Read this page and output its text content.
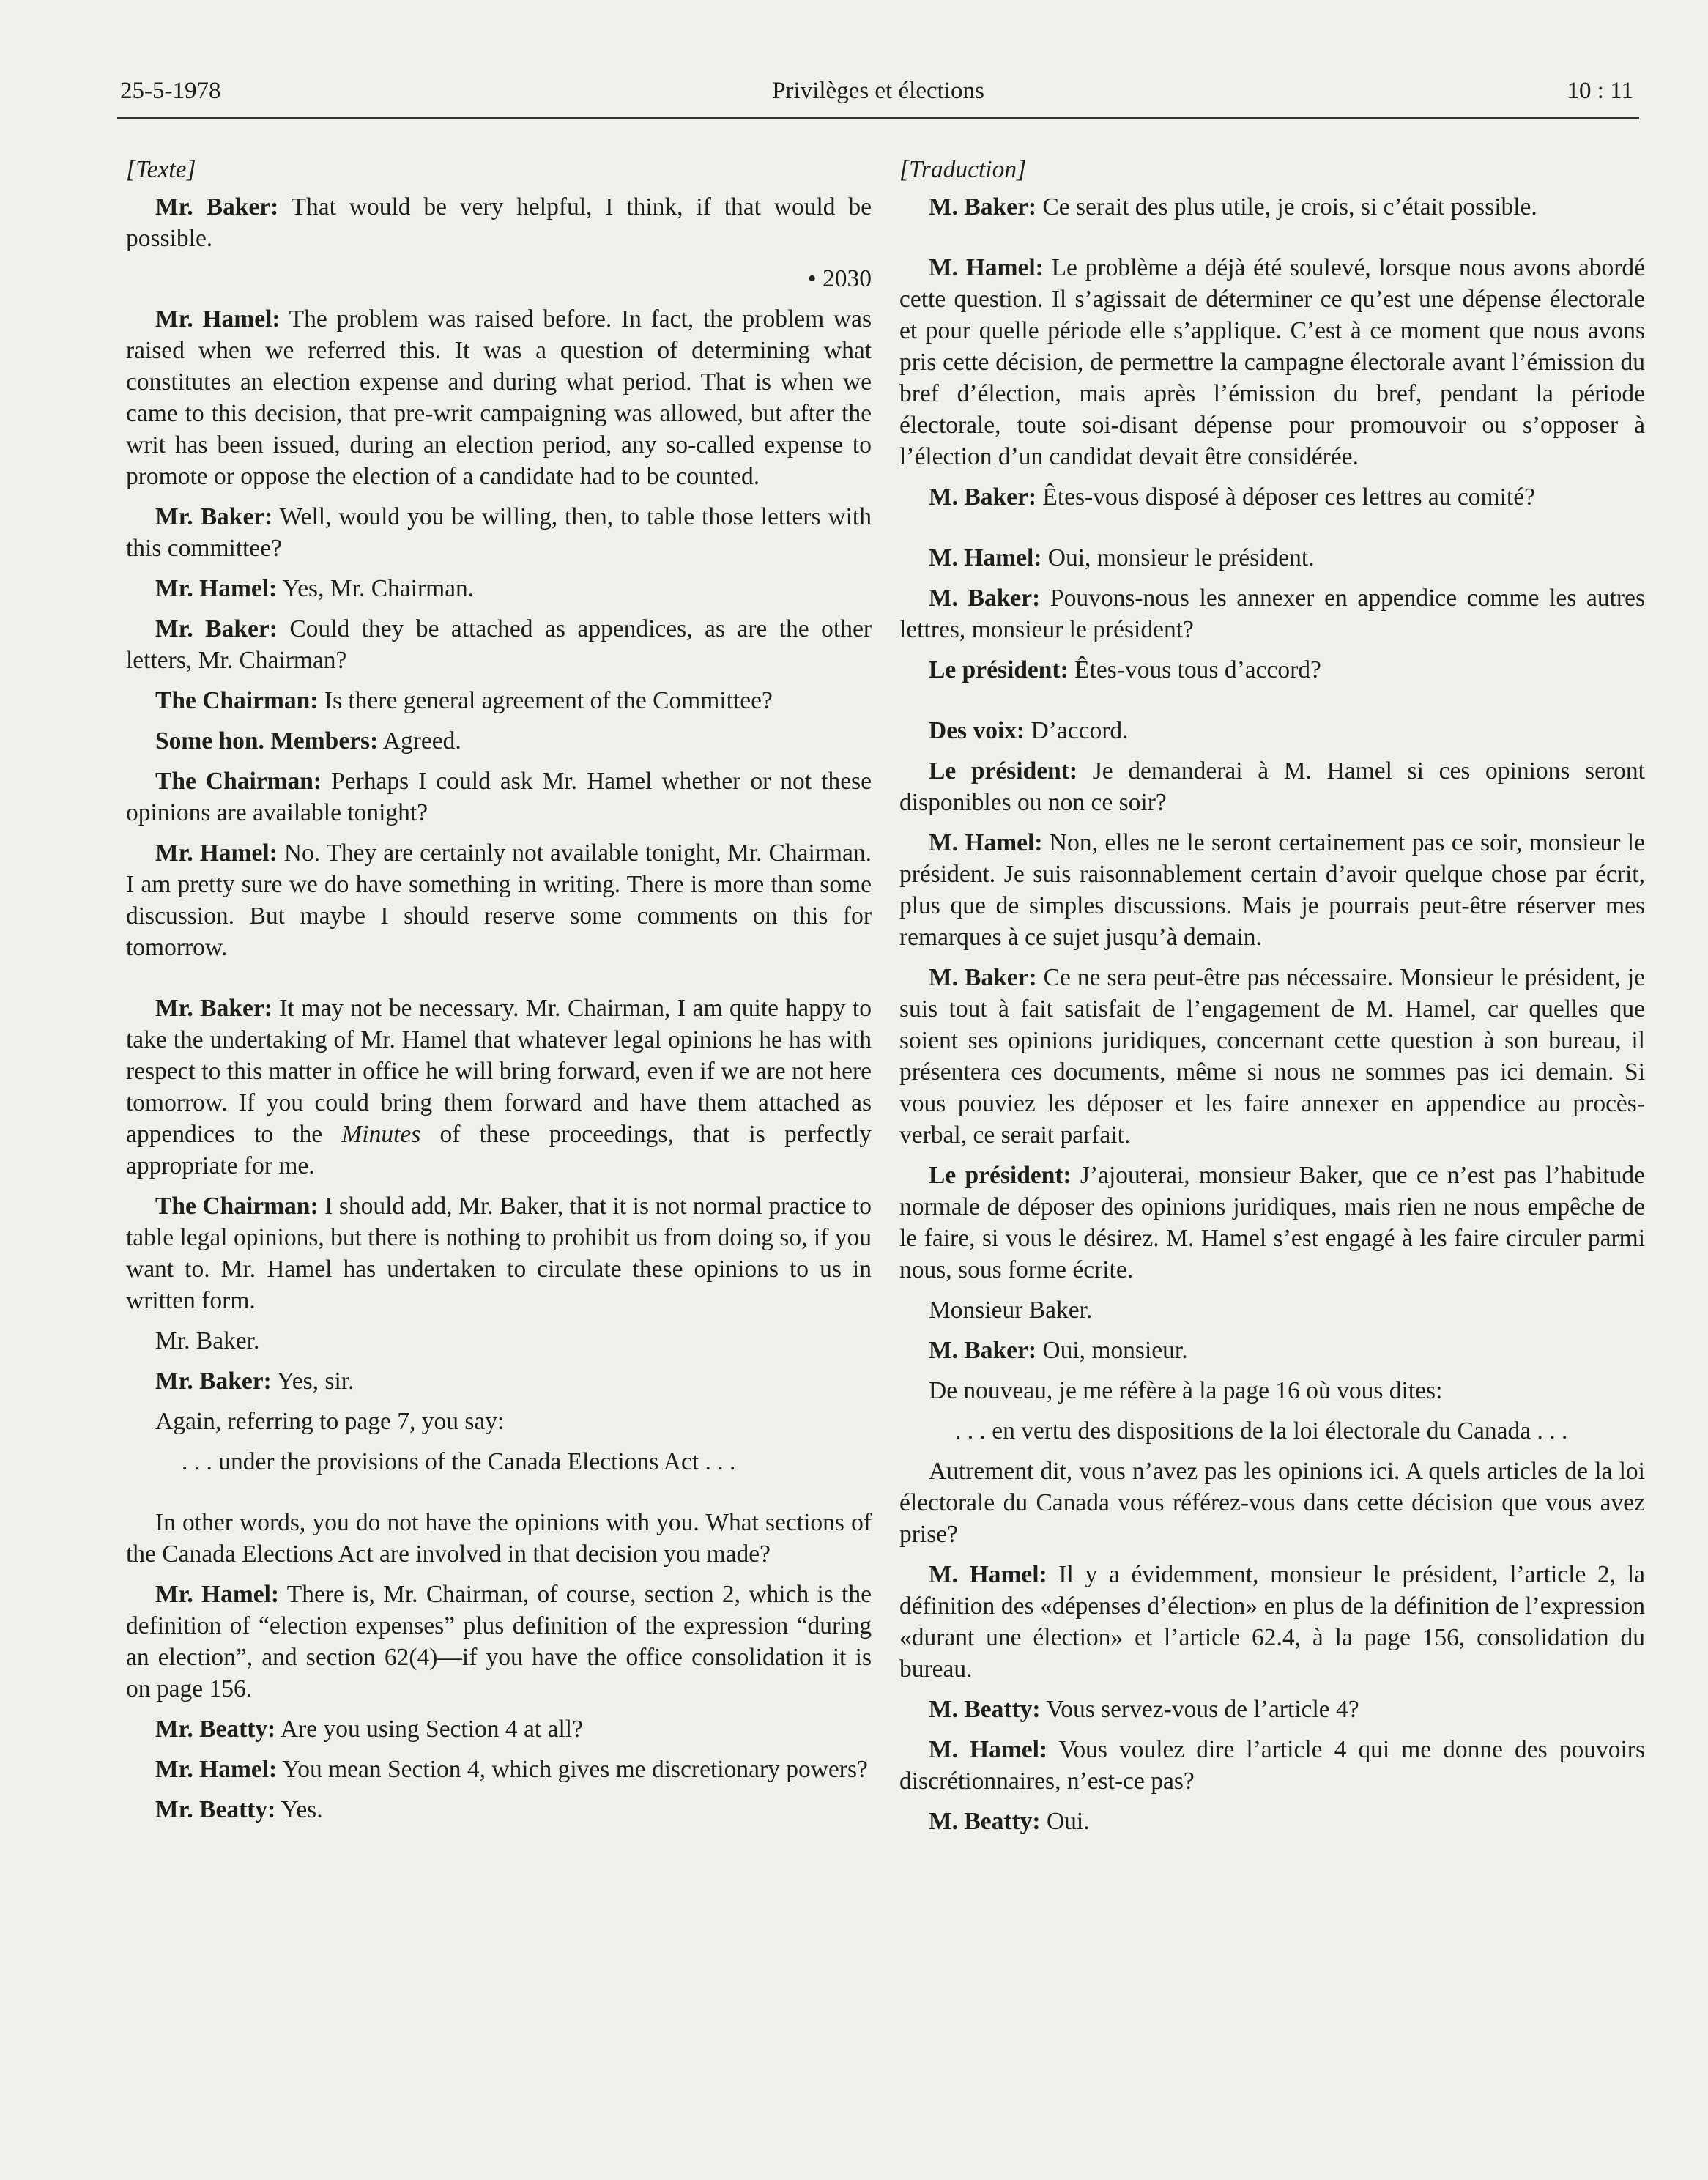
25-5-1978	Privilèges et élections	10 : 11

[Texte]

Mr. Baker: That would be very helpful, I think, if that would be possible.

• 2030

Mr. Hamel: The problem was raised before. In fact, the problem was raised when we referred this. It was a question of determining what constitutes an election expense and during what period. That is when we came to this decision, that pre-writ campaigning was allowed, but after the writ has been issued, during an election period, any so-called expense to promote or oppose the election of a candidate had to be counted.

Mr. Baker: Well, would you be willing, then, to table those letters with this committee?

Mr. Hamel: Yes, Mr. Chairman.

Mr. Baker: Could they be attached as appendices, as are the other letters, Mr. Chairman?

The Chairman: Is there general agreement of the Committee?

Some hon. Members: Agreed.

The Chairman: Perhaps I could ask Mr. Hamel whether or not these opinions are available tonight?

Mr. Hamel: No. They are certainly not available tonight, Mr. Chairman. I am pretty sure we do have something in writing. There is more than some discussion. But maybe I should reserve some comments on this for tomorrow.

Mr. Baker: It may not be necessary. Mr. Chairman, I am quite happy to take the undertaking of Mr. Hamel that whatever legal opinions he has with respect to this matter in office he will bring forward, even if we are not here tomorrow. If you could bring them forward and have them attached as appendices to the Minutes of these proceedings, that is perfectly appropriate for me.

The Chairman: I should add, Mr. Baker, that it is not normal practice to table legal opinions, but there is nothing to prohibit us from doing so, if you want to. Mr. Hamel has undertaken to circulate these opinions to us in written form.

Mr. Baker.

Mr. Baker: Yes, sir.

Again, referring to page 7, you say:

. . . under the provisions of the Canada Elections Act . . .

In other words, you do not have the opinions with you. What sections of the Canada Elections Act are involved in that decision you made?

Mr. Hamel: There is, Mr. Chairman, of course, section 2, which is the definition of “election expenses” plus definition of the expression “during an election”, and section 62(4)—if you have the office consolidation it is on page 156.

Mr. Beatty: Are you using Section 4 at all?

Mr. Hamel: You mean Section 4, which gives me discretionary powers?

Mr. Beatty: Yes.

[Traduction]

M. Baker: Ce serait des plus utile, je crois, si c’était possible.

M. Hamel: Le problème a déjà été soulevé, lorsque nous avons abordé cette question. Il s’agissait de déterminer ce qu’est une dépense électorale et pour quelle période elle s’applique. C’est à ce moment que nous avons pris cette décision, de permettre la campagne électorale avant l’émission du bref d’élection, mais après l’émission du bref, pendant la période électorale, toute soi-disant dépense pour promouvoir ou s’opposer à l’élection d’un candidat devait être considérée.

M. Baker: Êtes-vous disposé à déposer ces lettres au comité?

M. Hamel: Oui, monsieur le président.

M. Baker: Pouvons-nous les annexer en appendice comme les autres lettres, monsieur le président?

Le président: Êtes-vous tous d’accord?

Des voix: D’accord.

Le président: Je demanderai à M. Hamel si ces opinions seront disponibles ou non ce soir?

M. Hamel: Non, elles ne le seront certainement pas ce soir, monsieur le président. Je suis raisonnablement certain d’avoir quelque chose par écrit, plus que de simples discussions. Mais je pourrais peut-être réserver mes remarques à ce sujet jusqu’à demain.

M. Baker: Ce ne sera peut-être pas nécessaire. Monsieur le président, je suis tout à fait satisfait de l’engagement de M. Hamel, car quelles que soient ses opinions juridiques, concernant cette question à son bureau, il présentera ces documents, même si nous ne sommes pas ici demain. Si vous pouviez les déposer et les faire annexer en appendice au procès-verbal, ce serait parfait.

Le président: J’ajouterai, monsieur Baker, que ce n’est pas l’habitude normale de déposer des opinions juridiques, mais rien ne nous empêche de le faire, si vous le désirez. M. Hamel s’est engagé à les faire circuler parmi nous, sous forme écrite.

Monsieur Baker.

M. Baker: Oui, monsieur.

De nouveau, je me réfère à la page 16 où vous dites:

. . . en vertu des dispositions de la loi électorale du Canada . . .

Autrement dit, vous n’avez pas les opinions ici. A quels articles de la loi électorale du Canada vous référez-vous dans cette décision que vous avez prise?

M. Hamel: Il y a évidemment, monsieur le président, l’article 2, la définition des «dépenses d’élection» en plus de la définition de l’expression «durant une élection» et l’article 62.4, à la page 156, consolidation du bureau.

M. Beatty: Vous servez-vous de l’article 4?

M. Hamel: Vous voulez dire l’article 4 qui me donne des pouvoirs discrétionnaires, n’est-ce pas?

M. Beatty: Oui.
